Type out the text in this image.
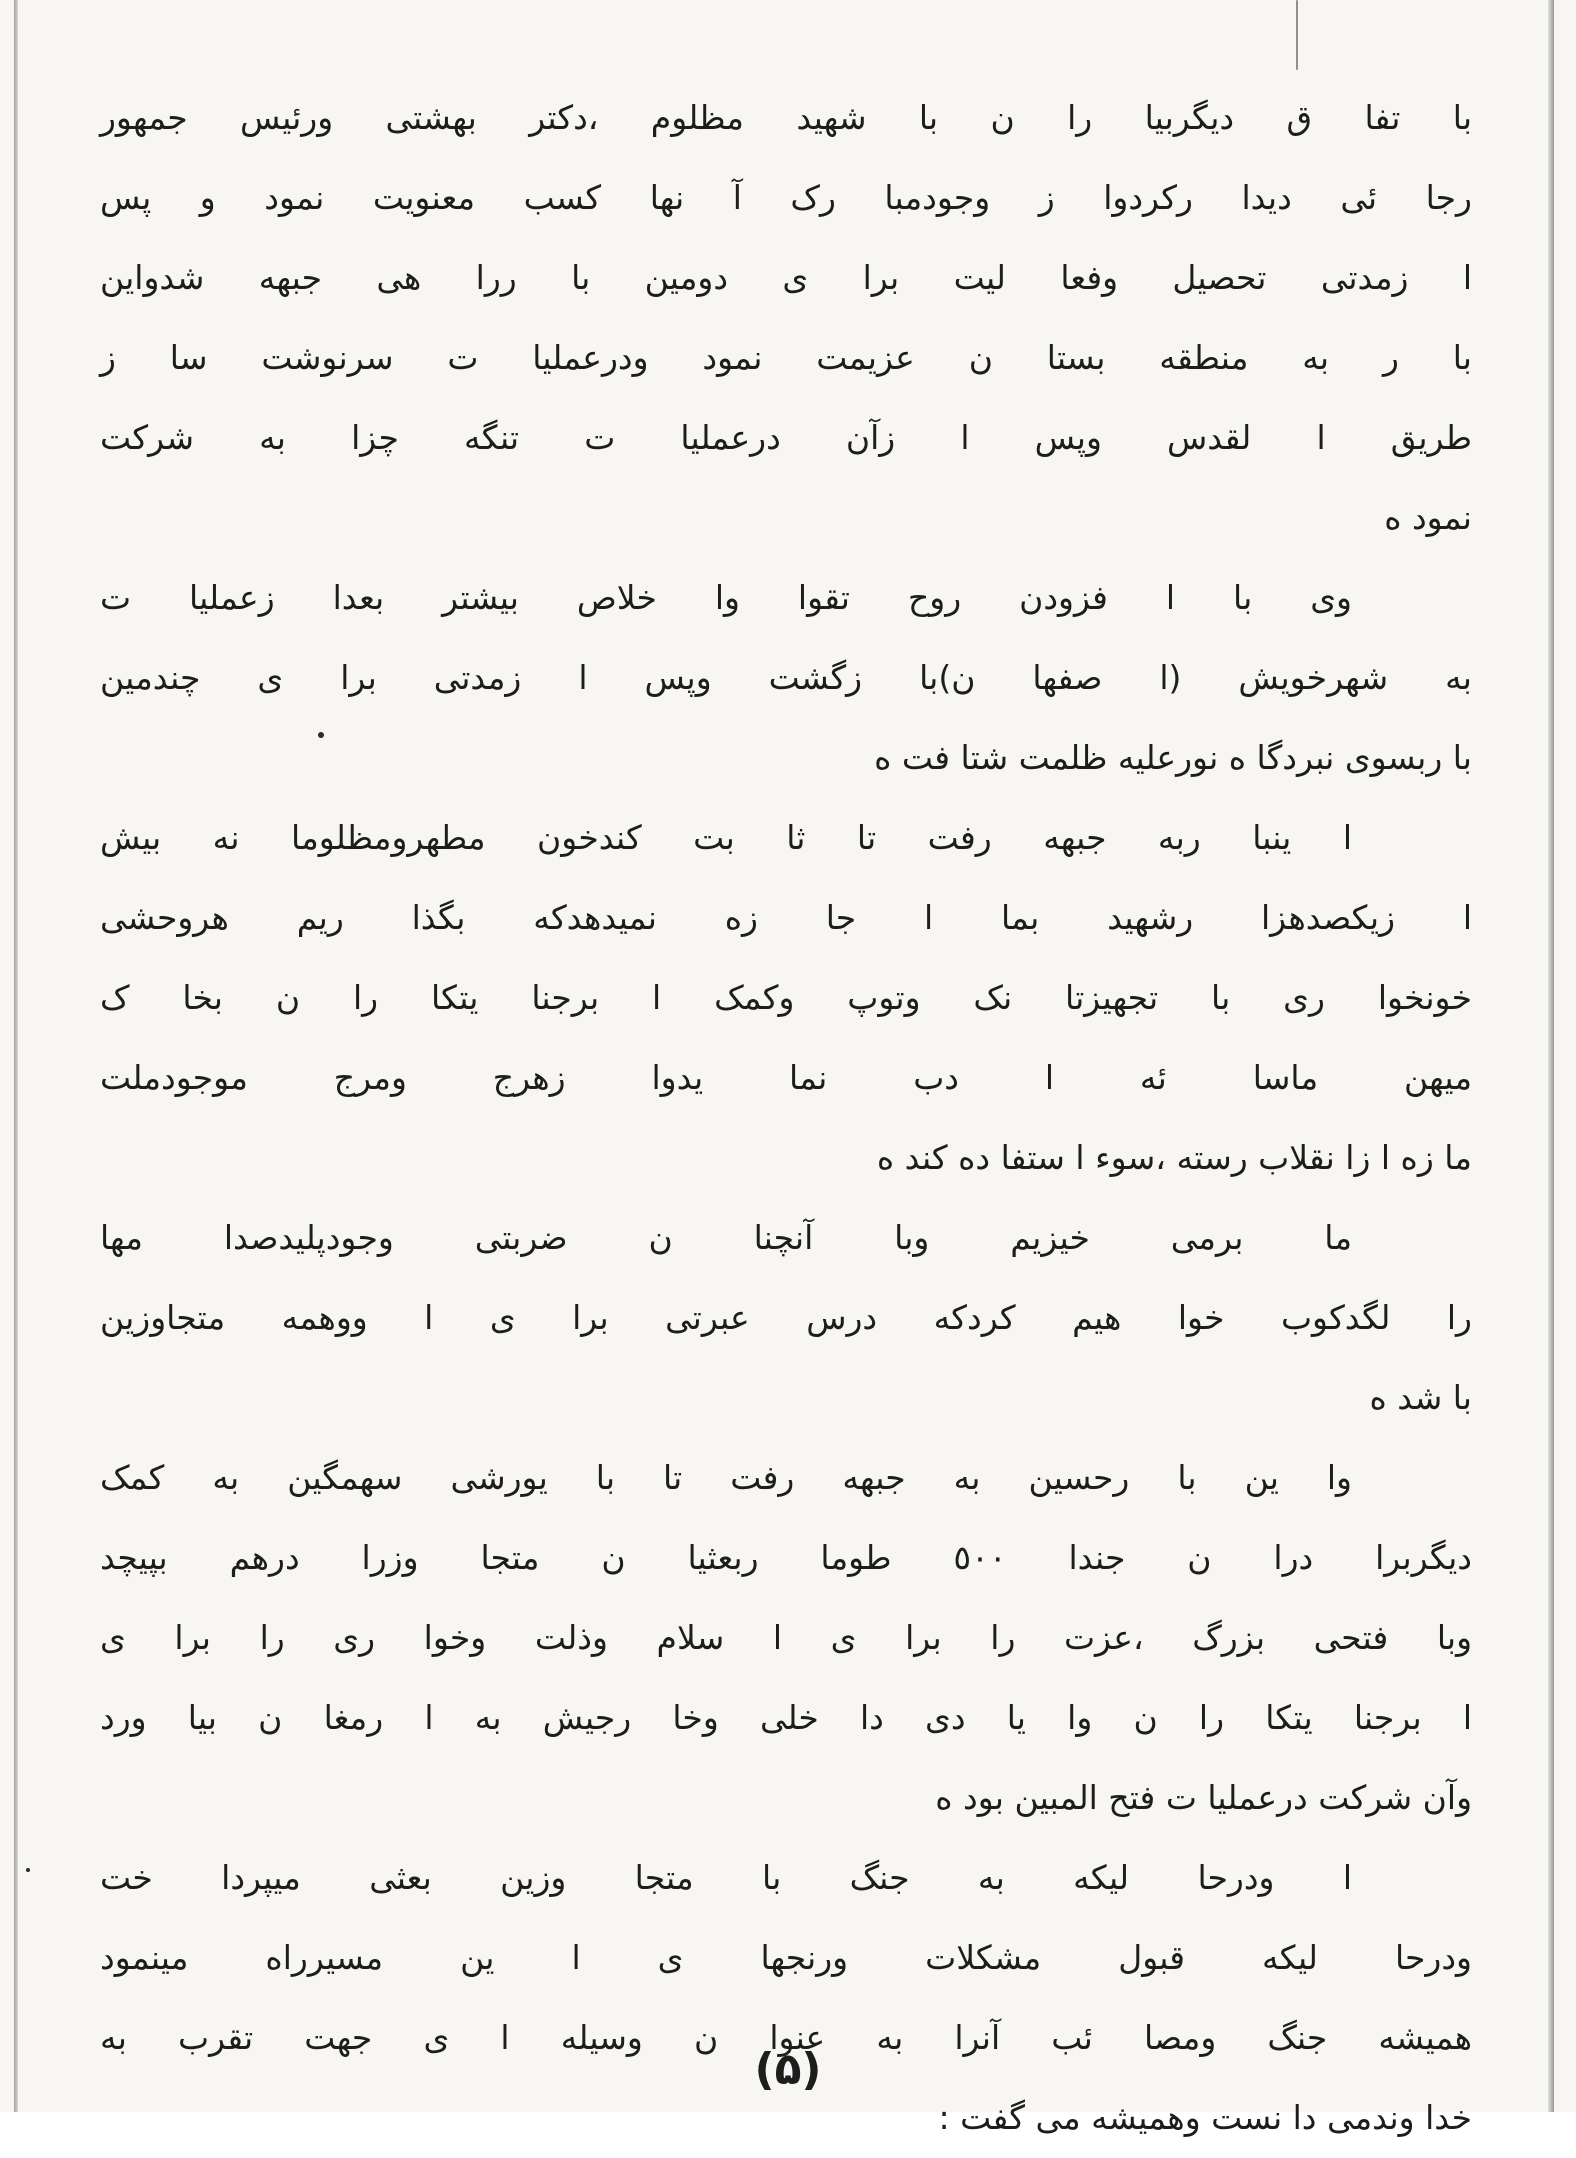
با تفا ق دیگربیا را ن با شهید مظلوم ،دکتر بهشتی ورئیس جمهور
رجا ئی دیدا رکردوا ز وجودمبا رک آ نها کسب معنویت نمود و پس
ا زمدتی تحصیل وفعا لیت برا ی دومین با ررا هی جبهه شدواین
با ر به منطقه بستا ن عزیمت نمود ودرعملیا ت سرنوشت سا ز
طریق ا لقدس وپس ا زآن درعملیا ت تنگه چزا به شرکت
نمود ه
وی با ا فزودن روح تقوا وا خلاص بیشتر بعدا زعملیا ت
به شهرخویش (ا صفها ن)با زگشت وپس ا زمدتی برا ی چندمین
با ربسوی نبردگا ه نورعلیه ظلمت شتا فت ه
ا ینبا ربه جبهه رفت تا ثا بت کندخون مطهرومظلوما نه بیش
ا زیکصدهزا رشهید بما ا جا زه نمیدهدکه بگذا ریم هروحشی
خونخوا ری با تجهیزتا نک وتوپ وکمک ا برجنا یتکا را ن بخا ک
میهن ماسا ئه ا دب نما یدوا زهرج ومرج موجودملت
ما زه ا زا نقلاب رسته ،سوء ا ستفا ده کند ه
ما برمی خیزیم وبا آنچنا ن ضربتی وجودپلیدصدا مها
را لگدکوب خوا هیم کردکه درس عبرتی برا ی ا ووهمه متجاوزین
با شد ه
وا ین با رحسین به جبهه رفت تا با یورشی سهمگین به کمک
دیگربرا درا ن جندا ٥٠٠ طوما ربعثیا ن متجا وزرا درهم بپیچد
وبا فتحی بزرگ ،عزت را برا ی ا سلام وذلت وخوا ری را برا ی
ا برجنا یتکا را ن وا یا دی دا خلی وخا رجیش به ا رمغا ن بیا ورد
وآن شرکت درعملیا ت فتح المبین بود ه
ا ودرحا لیکه به جنگ با متجا وزین بعثی میپردا خت
ودرحا لیکه قبول مشکلات ورنجها ی ا ین مسیرراه مینمود
همیشه جنگ ومصا ئب آنرا به عنوا ن وسیله ا ی جهت تقرب به
خدا وندمی دا نست وهمیشه می گفت :
(۵)
